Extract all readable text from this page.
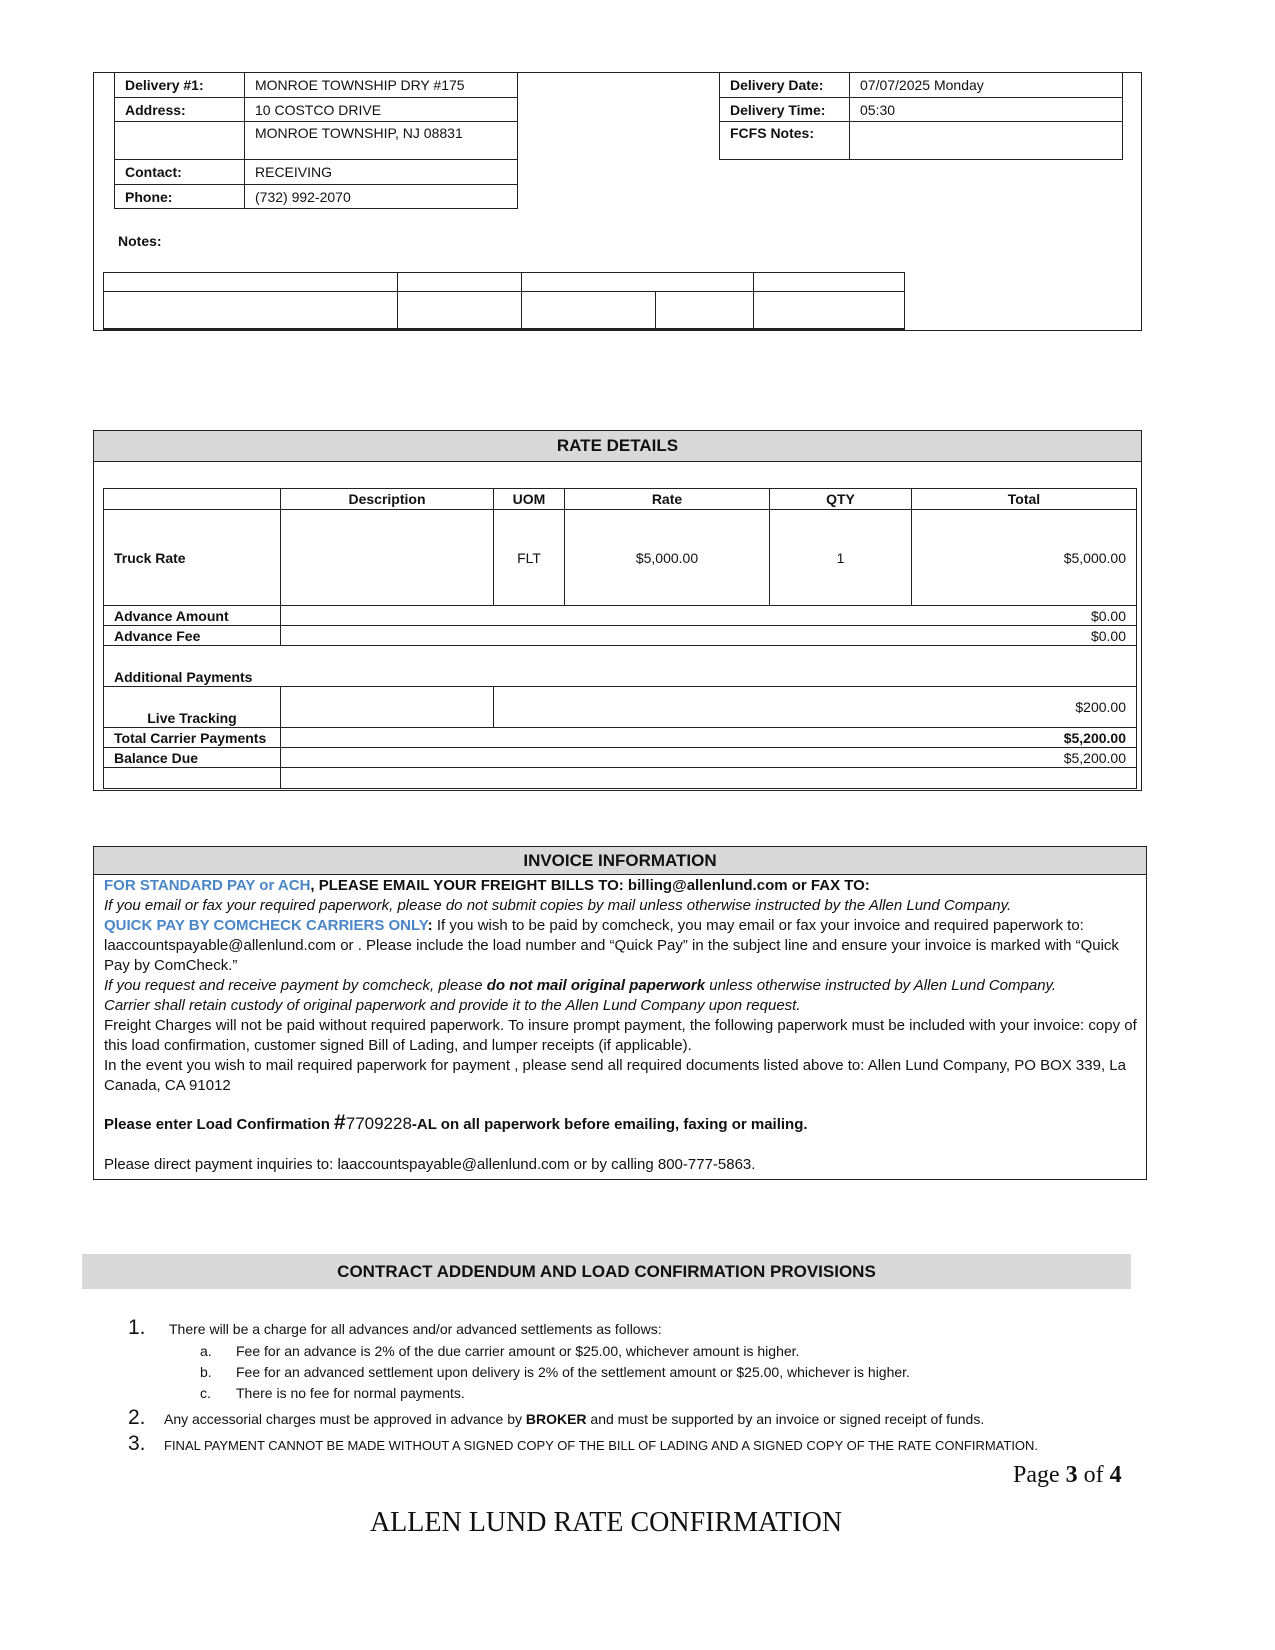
Delivery #1:	MONROE TOWNSHIP DRY #175
Address:	10 COSTCO DRIVE
	MONROE TOWNSHIP, NJ 08831
Contact:	RECEIVING
Phone:	(732) 992-2070
Delivery Date:	07/07/2025 Monday
Delivery Time:	05:30
FCFS Notes:	
Notes:
RATE DETAILS
	Description	UOM	Rate	QTY	Total
Truck Rate		FLT	$5,000.00	1	$5,000.00
Advance Amount	$0.00				
Advance Fee	$0.00				
Additional Payments					
Live Tracking		$200.00			
Total Carrier Payments	$5,200.00				
Balance Due	$5,200.00				

INVOICE INFORMATION
FOR STANDARD PAY or ACH, PLEASE EMAIL YOUR FREIGHT BILLS TO: billing@allenlund.com or FAX TO:
If you email or fax your required paperwork, please do not submit copies by mail unless otherwise instructed by the Allen Lund Company.
QUICK PAY BY COMCHECK CARRIERS ONLY: If you wish to be paid by comcheck, you may email or fax your invoice and required paperwork to: laaccountspayable@allenlund.com or . Please include the load number and “Quick Pay” in the subject line and ensure your invoice is marked with “Quick Pay by ComCheck.”
If you request and receive payment by comcheck, please do not mail original paperwork unless otherwise instructed by Allen Lund Company.
Carrier shall retain custody of original paperwork and provide it to the Allen Lund Company upon request.
Freight Charges will not be paid without required paperwork. To insure prompt payment, the following paperwork must be included with your invoice: copy of this load confirmation, customer signed Bill of Lading, and lumper receipts (if applicable).
In the event you wish to mail required paperwork for payment , please send all required documents listed above to: Allen Lund Company, PO BOX 339, La Canada, CA 91012
Please enter Load Confirmation #7709228-AL on all paperwork before emailing, faxing or mailing.
Please direct payment inquiries to: laaccountspayable@allenlund.com or by calling 800-777-5863.
CONTRACT ADDENDUM AND LOAD CONFIRMATION PROVISIONS
1. There will be a charge for all advances and/or advanced settlements as follows:
a. Fee for an advance is 2% of the due carrier amount or $25.00, whichever amount is higher.
b. Fee for an advanced settlement upon delivery is 2% of the settlement amount or $25.00, whichever is higher.
c. There is no fee for normal payments.
2. Any accessorial charges must be approved in advance by BROKER and must be supported by an invoice or signed receipt of funds.
3. FINAL PAYMENT CANNOT BE MADE WITHOUT A SIGNED COPY OF THE BILL OF LADING AND A SIGNED COPY OF THE RATE CONFIRMATION.
Page 3 of 4
ALLEN LUND RATE CONFIRMATION
